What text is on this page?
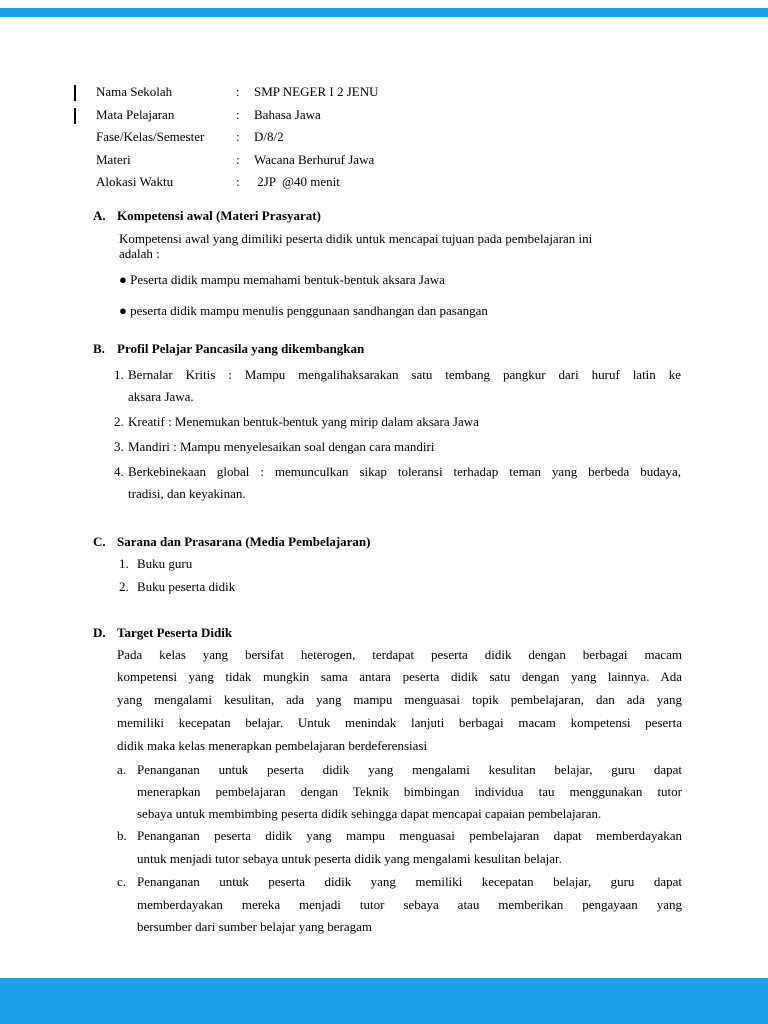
Nama Sekolah	: SMP NEGER I 2 JENU
Mata Pelajaran	: Bahasa Jawa
Fase/Kelas/Semester : D/8/2
Materi	: Wacana Berhuruf Jawa
Alokasi Waktu	: 2JP  @40 menit
A. Kompetensi awal (Materi Prasyarat)
Kompetensi awal yang dimiliki peserta didik untuk mencapai tujuan pada pembelajaran ini
adalah :
● Peserta didik mampu memahami bentuk-bentuk aksara Jawa
● peserta didik mampu menulis penggunaan sandhangan dan pasangan
B. Profil Pelajar Pancasila yang dikembangkan
1. Bernalar Kritis : Mampu mengalihaksarakan satu tembang pangkur dari huruf latin ke
aksara Jawa.
2. Kreatif : Menemukan bentuk-bentuk yang mirip dalam aksara Jawa
3. Mandiri : Mampu menyelesaikan soal dengan cara mandiri
4. Berkebinekaan global : memunculkan sikap toleransi terhadap teman yang berbeda budaya,
tradisi, dan keyakinan.
C. Sarana dan Prasarana (Media Pembelajaran)
1. Buku guru
2. Buku peserta didik
D. Target Peserta Didik
Pada kelas yang bersifat heterogen, terdapat peserta didik dengan berbagai macam
kompetensi yang tidak mungkin sama antara peserta didik satu dengan yang lainnya. Ada
yang mengalami kesulitan, ada yang mampu menguasai topik pembelajaran, dan ada yang
memiliki kecepatan belajar. Untuk menindak lanjuti berbagai macam kompetensi peserta
didik maka kelas menerapkan pembelajaran berdeferensiasi
a. Penanganan untuk peserta didik yang mengalami kesulitan belajar, guru dapat
menerapkan pembelajaran dengan Teknik bimbingan individua tau menggunakan tutor
sebaya untuk membimbing peserta didik sehingga dapat mencapai capaian pembelajaran.
b. Penanganan peserta didik yang mampu menguasai pembelajaran dapat memberdayakan
untuk menjadi tutor sebaya untuk peserta didik yang mengalami kesulitan belajar.
c. Penanganan untuk peserta didik yang memiliki kecepatan belajar, guru dapat
memberdayakan mereka menjadi tutor sebaya atau memberikan pengayaan yang
bersumber dari sumber belajar yang beragam
